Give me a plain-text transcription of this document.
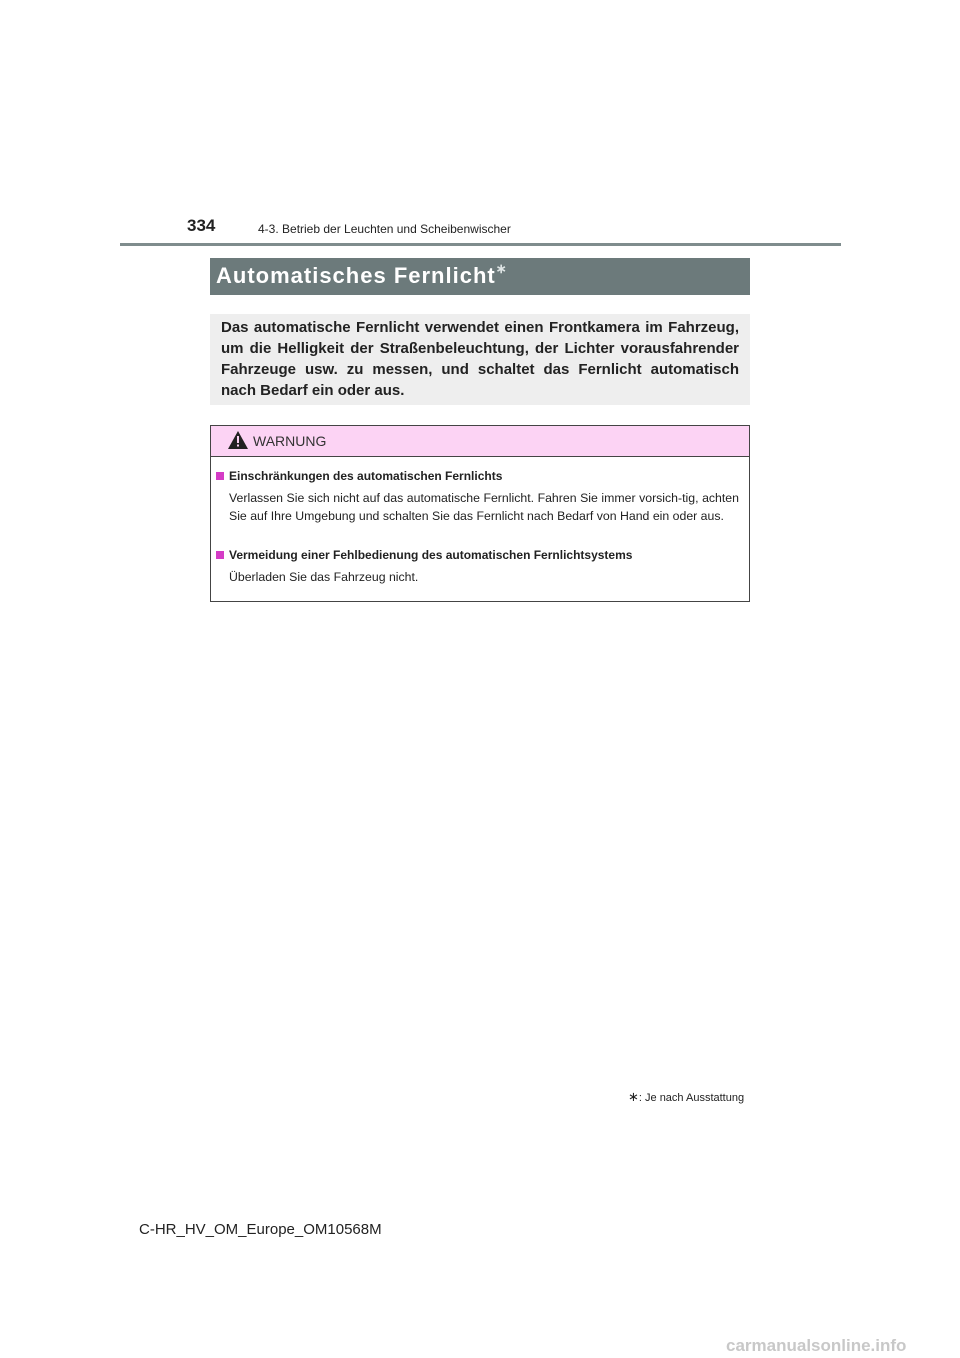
334	4-3. Betrieb der Leuchten und Scheibenwischer
Automatisches Fernlicht ∗

Das automatische Fernlicht verwendet einen Frontkamera im Fahrzeug, um die Helligkeit der Straßenbeleuchtung, der Lichter vorausfahrender Fahrzeuge usw. zu messen, und schaltet das Fernlicht automatisch nach Bedarf ein oder aus.

WARNUNG
Einschränkungen des automatischen Fernlichts
Verlassen Sie sich nicht auf das automatische Fernlicht. Fahren Sie immer vorsich-tig, achten Sie auf Ihre Umgebung und schalten Sie das Fernlicht nach Bedarf von Hand ein oder aus.
Vermeidung einer Fehlbedienung des automatischen Fernlichtsystems
Überladen Sie das Fahrzeug nicht.
∗: Je nach Ausstattung
C-HR_HV_OM_Europe_OM10568M
carmanualsonline.info
